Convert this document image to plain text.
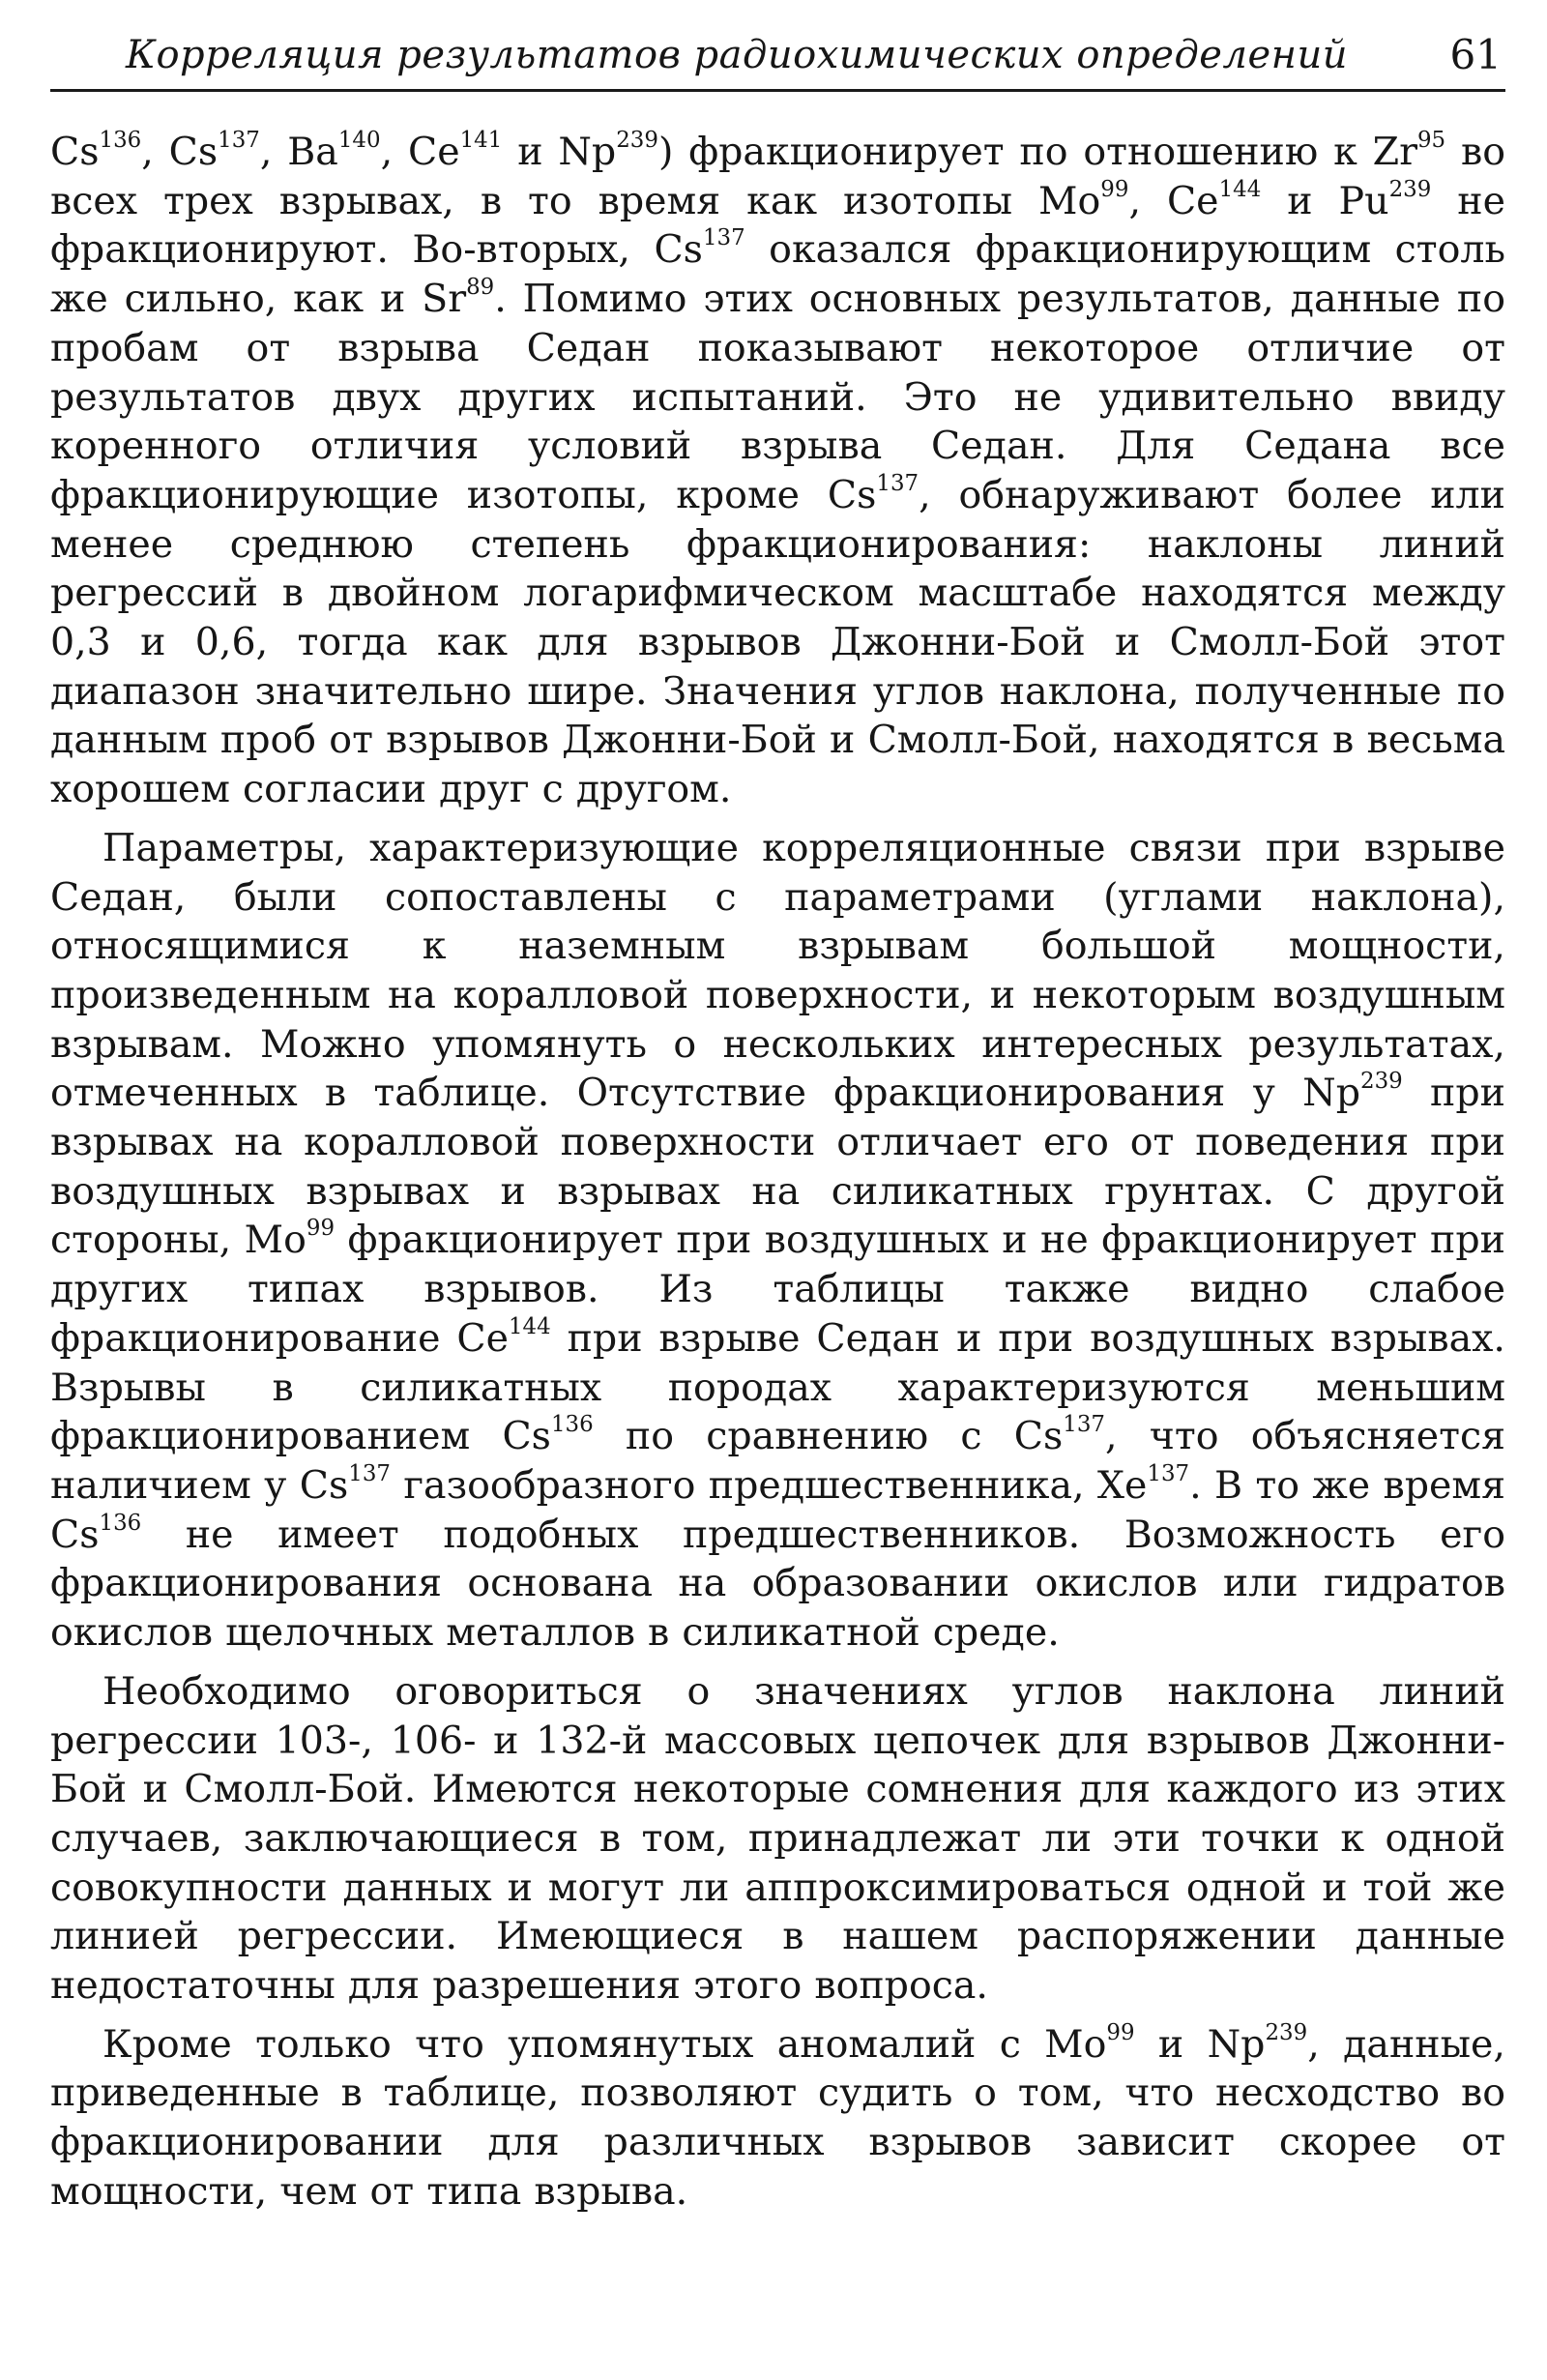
Корреляция результатов радиохимических определений	61

Cs$^{136}$, Cs$^{137}$, Ba$^{140}$, Ce$^{141}$ и Np$^{239}$) фракционирует по отношению к Zr$^{95}$ во всех трех взрывах, в то время как изотопы Mo$^{99}$, Ce$^{144}$ и Pu$^{239}$ не фракционируют. Во-вторых, Cs$^{137}$ оказался фракционирующим столь же сильно, как и Sr$^{89}$. Помимо этих основных результатов, данные по пробам от взрыва Седан показывают некоторое отличие от результатов двух других испытаний. Это не удивительно ввиду коренного отличия условий взрыва Седан. Для Седана все фракционирующие изотопы, кроме Cs$^{137}$, обнаруживают более или менее среднюю степень фракционирования: наклоны линий регрессий в двойном логарифмическом масштабе находятся между 0,3 и 0,6, тогда как для взрывов Джонни-Бой и Смолл-Бой этот диапазон значительно шире. Значения углов наклона, полученные по данным проб от взрывов Джонни-Бой и Смолл-Бой, находятся в весьма хорошем согласии друг с другом.

Параметры, характеризующие корреляционные связи при взрыве Седан, были сопоставлены с параметрами (углами наклона), относящимися к наземным взрывам большой мощности, произведенным на коралловой поверхности, и некоторым воздушным взрывам. Можно упомянуть о нескольких интересных результатах, отмеченных в таблице. Отсутствие фракционирования у Np$^{239}$ при взрывах на коралловой поверхности отличает его от поведения при воздушных взрывах и взрывах на силикатных грунтах. С другой стороны, Mo$^{99}$ фракционирует при воздушных и не фракционирует при других типах взрывов. Из таблицы также видно слабое фракционирование Ce$^{144}$ при взрыве Седан и при воздушных взрывах. Взрывы в силикатных породах характеризуются меньшим фракционированием Cs$^{136}$ по сравнению с Cs$^{137}$, что объясняется наличием у Cs$^{137}$ газообразного предшественника, Xe$^{137}$. В то же время Cs$^{136}$ не имеет подобных предшественников. Возможность его фракционирования основана на образовании окислов или гидратов окислов щелочных металлов в силикатной среде.

Необходимо оговориться о значениях углов наклона линий регрессии 103-, 106- и 132-й массовых цепочек для взрывов Джонни-Бой и Смолл-Бой. Имеются некоторые сомнения для каждого из этих случаев, заключающиеся в том, принадлежат ли эти точки к одной совокупности данных и могут ли аппроксимироваться одной и той же линией регрессии. Имеющиеся в нашем распоряжении данные недостаточны для разрешения этого вопроса.

Кроме только что упомянутых аномалий с Mo$^{99}$ и Np$^{239}$, данные, приведенные в таблице, позволяют судить о том, что несходство во фракционировании для различных взрывов зависит скорее от мощности, чем от типа взрыва.
